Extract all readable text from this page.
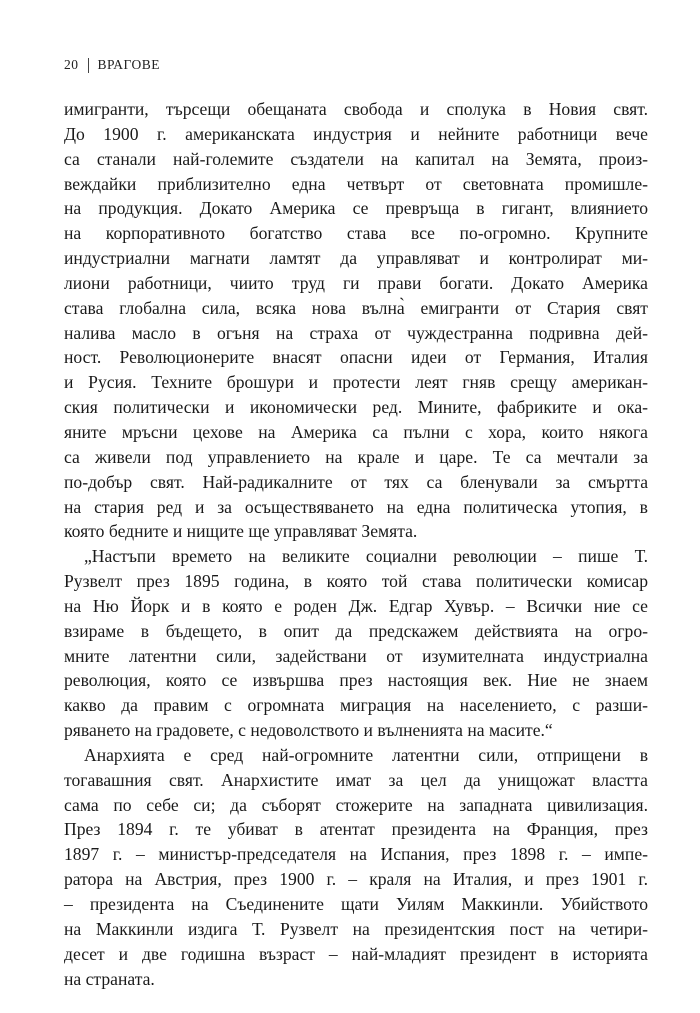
20 ВРАГОВЕ
имигранти, търсещи обещаната свобода и сполука в Новия свят.
До 1900 г. американската индустрия и нейните работници вече
са станали най-големите създатели на капитал на Земята, произ-
веждайки приблизително една четвърт от световната промишле-
на продукция. Докато Америка се превръща в гигант, влиянието
на корпоративното богатство става все по-огромно. Крупните
индустриални магнати ламтят да управляват и контролират ми-
лиони работници, чиито труд ги прави богати. Докато Америка
става глобална сила, всяка нова вълна̀ емигранти от Стария свят
налива масло в огъня на страха от чуждестранна подривна дей-
ност. Революционерите внасят опасни идеи от Германия, Италия
и Русия. Техните брошури и протести леят гняв срещу американ-
ския политически и икономически ред. Мините, фабриките и ока-
яните мръсни цехове на Америка са пълни с хора, които някога
са живели под управлението на крале и царе. Те са мечтали за
по-добър свят. Най-радикалните от тях са бленували за смъртта
на стария ред и за осъществяването на една политическа утопия, в
която бедните и нищите ще управляват Земята.
„Настъпи времето на великите социални революции – пише Т.
Рузвелт през 1895 година, в която той става политически комисар
на Ню Йорк и в която е роден Дж. Едгар Хувър. – Всички ние се
взираме в бъдещето, в опит да предскажем действията на огро-
мните латентни сили, задействани от изумителната индустриална
революция, която се извършва през настоящия век. Ние не знаем
какво да правим с огромната миграция на населението, с разши-
ряването на градовете, с недоволството и вълненията на масите.“
Анархията е сред най-огромните латентни сили, отприщени в
тогавашния свят. Анархистите имат за цел да унищожат властта
сама по себе си; да съборят стожерите на западната цивилизация.
През 1894 г. те убиват в атентат президента на Франция, през
1897 г. – министър-председателя на Испания, през 1898 г. – импе-
ратора на Австрия, през 1900 г. – краля на Италия, и през 1901 г.
– президента на Съединените щати Уилям Маккинли. Убийството
на Маккинли издига Т. Рузвелт на президентския пост на четири-
десет и две годишна възраст – най-младият президент в историята
на страната.
